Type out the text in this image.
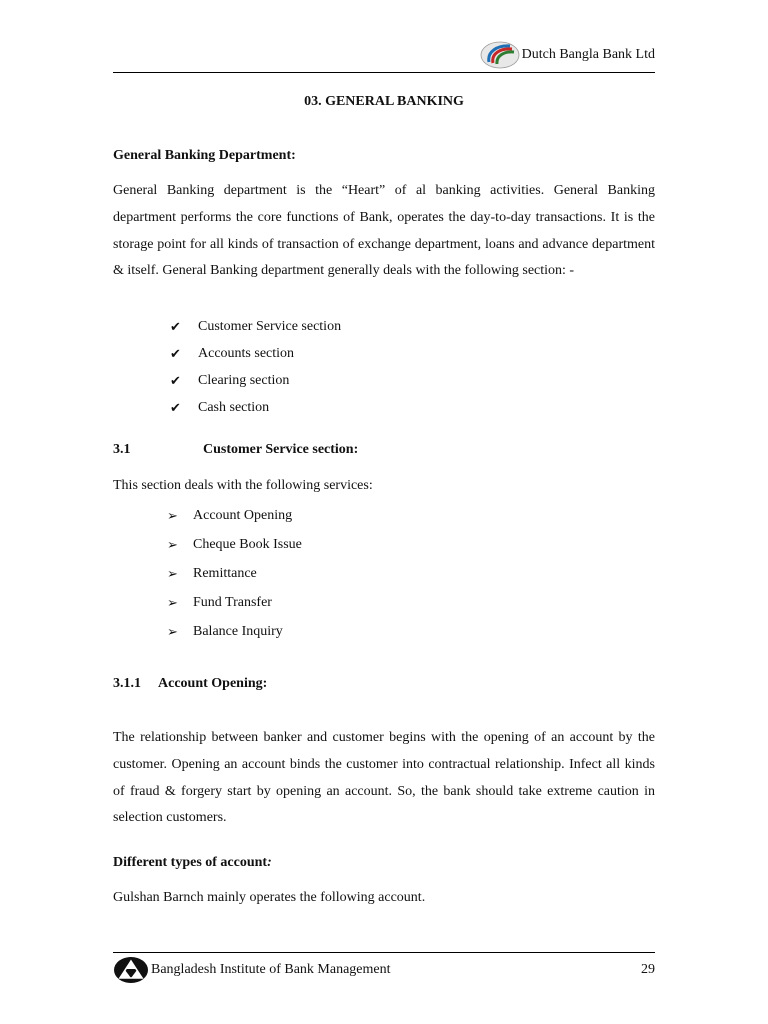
Dutch Bangla Bank Ltd
03. GENERAL BANKING
General Banking Department:

General Banking department is the “Heart” of al banking activities. General Banking department performs the core functions of Bank, operates the day-to-day transactions. It is the storage point for all kinds of transaction of exchange department, loans and advance department & itself. General Banking department generally deals with the following section: -

✔	Customer Service section
✔	Accounts section
✔	Clearing section
✔	Cash section
3.1	Customer Service section:
This section deals with the following services:
➢	Account Opening
➢	Cheque Book Issue
➢	Remittance
➢	Fund Transfer
➢	Balance Inquiry
3.1.1 Account Opening:

The relationship between banker and customer begins with the opening of an account by the customer. Opening an account binds the customer into contractual relationship. Infect all kinds of fraud & forgery start by opening an account. So, the bank should take extreme caution in selection customers.

Different types of account:
Gulshan Barnch mainly operates the following account.
Bangladesh Institute of Bank Management	29
